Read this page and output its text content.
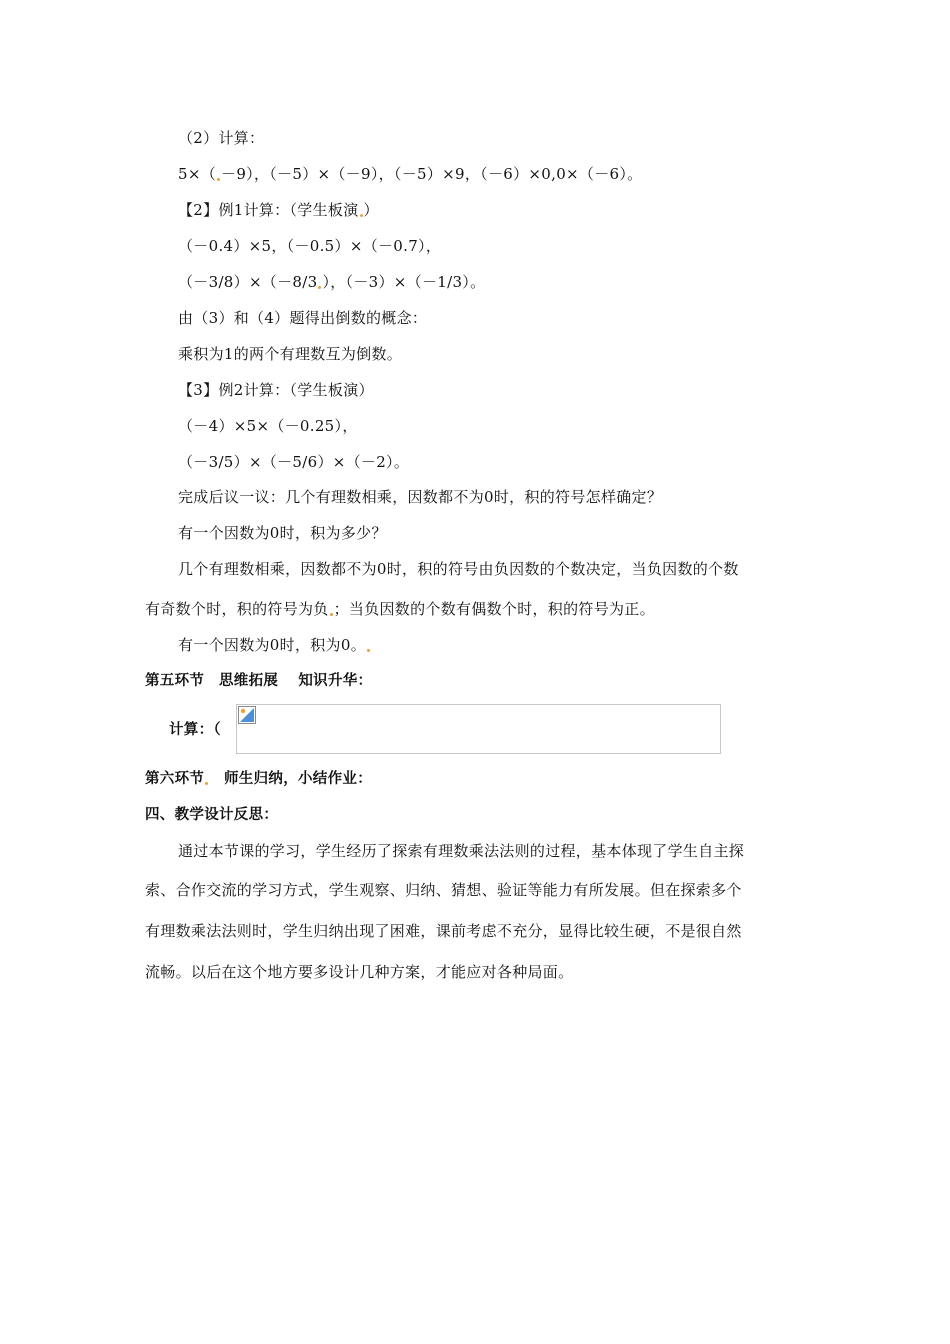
（2）计算：
5×（ －9），（－5）×（－9），（－5）×9，（－6）×0,0×（－6）。
【2】例1计算：（学生板演 ）
（－0.4）×5，（－0.5）×（－0.7），
（－3/8）×（－8/3 ），（－3）×（－1/3）。
由（3）和（4）题得出倒数的概念：
乘积为1的两个有理数互为倒数。
【3】例2计算：（学生板演）
（－4）×5×（－0.25），
（－3/5）×（－5/6）×（－2）。
完成后议一议：几个有理数相乘，因数都不为0时，积的符号怎样确定？
有一个因数为0时，积为多少？
几个有理数相乘，因数都不为0时，积的符号由负因数的个数决定，当负因数的个数
有奇数个时，积的符号为负 ；当负因数的个数有偶数个时，积的符号为正。
有一个因数为0时，积为0。
第五环节　思维拓展　 知识升华：
计算：（
第六环节　师生归纳，小结作业：
四、教学设计反思：
通过本节课的学习，学生经历了探索有理数乘法法则的过程，基本体现了学生自主探
索、合作交流的学习方式，学生观察、归纳、猜想、验证等能力有所发展。但在探索多个
有理数乘法法则时，学生归纳出现了困难，课前考虑不充分，显得比较生硬，不是很自然
流畅。以后在这个地方要多设计几种方案，才能应对各种局面。
